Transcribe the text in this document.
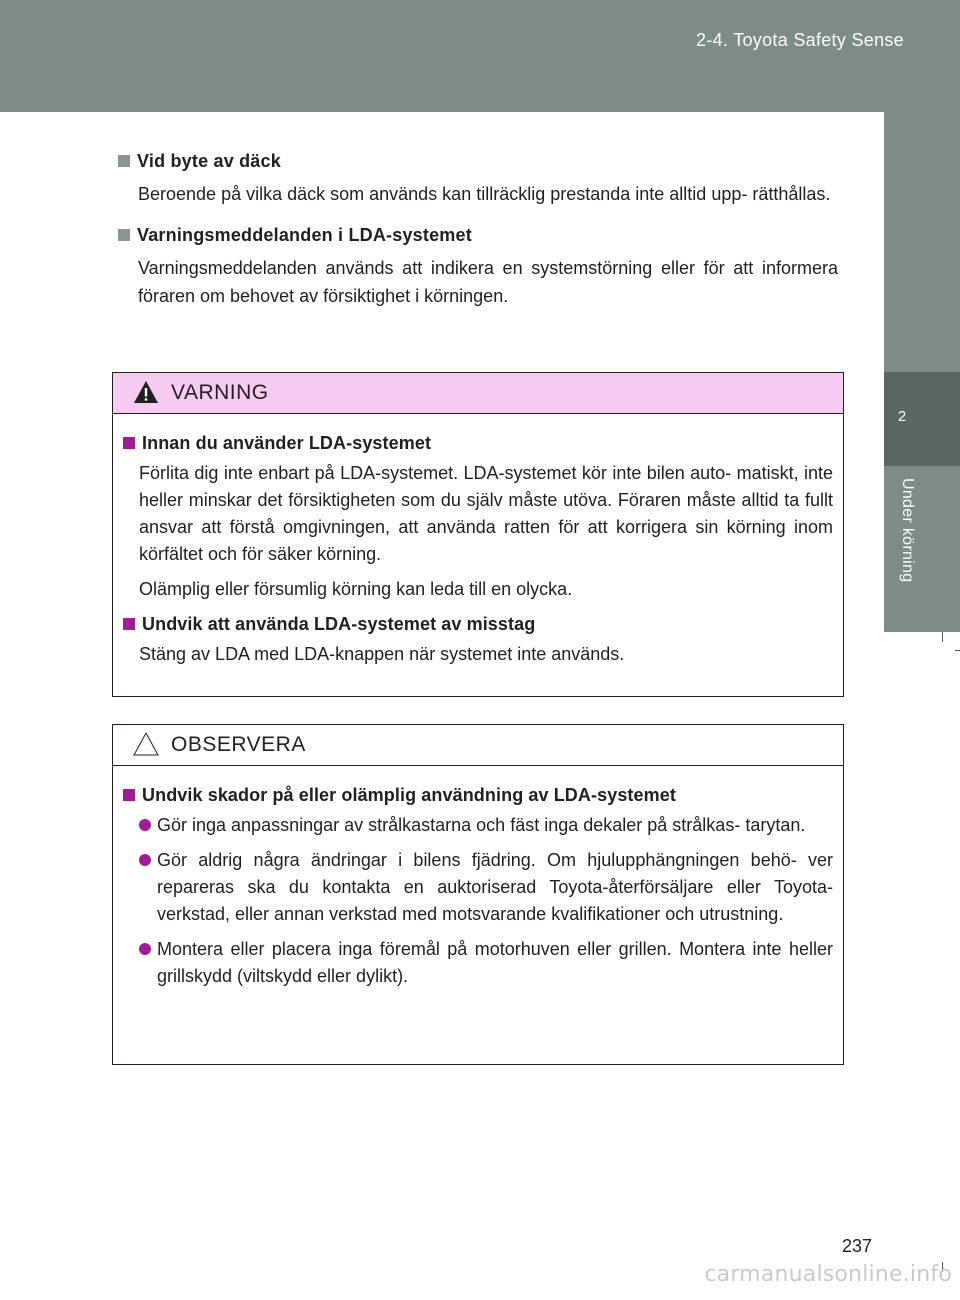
2-4. Toyota Safety Sense
2
Under körning
Vid byte av däck
Beroende på vilka däck som används kan tillräcklig prestanda inte alltid upp- rätthållas.
Varningsmeddelanden i LDA-systemet
Varningsmeddelanden används att indikera en systemstörning eller för att informera föraren om behovet av försiktighet i körningen.
VARNING
Innan du använder LDA-systemet
Förlita dig inte enbart på LDA-systemet. LDA-systemet kör inte bilen auto- matiskt, inte heller minskar det försiktigheten som du själv måste utöva. Föraren måste alltid ta fullt ansvar att förstå omgivningen, att använda ratten för att korrigera sin körning inom körfältet och för säker körning.
Olämplig eller försumlig körning kan leda till en olycka.
Undvik att använda LDA-systemet av misstag
Stäng av LDA med LDA-knappen när systemet inte används.
OBSERVERA
Undvik skador på eller olämplig användning av LDA-systemet
Gör inga anpassningar av strålkastarna och fäst inga dekaler på strålkas- tarytan.
Gör aldrig några ändringar i bilens fjädring. Om hjulupphängningen behö- ver repareras ska du kontakta en auktoriserad Toyota-återförsäljare eller Toyota-verkstad, eller annan verkstad med motsvarande kvalifikationer och utrustning.
Montera eller placera inga föremål på motorhuven eller grillen. Montera inte heller grillskydd (viltskydd eller dylikt).
237
carmanualsonline.info
